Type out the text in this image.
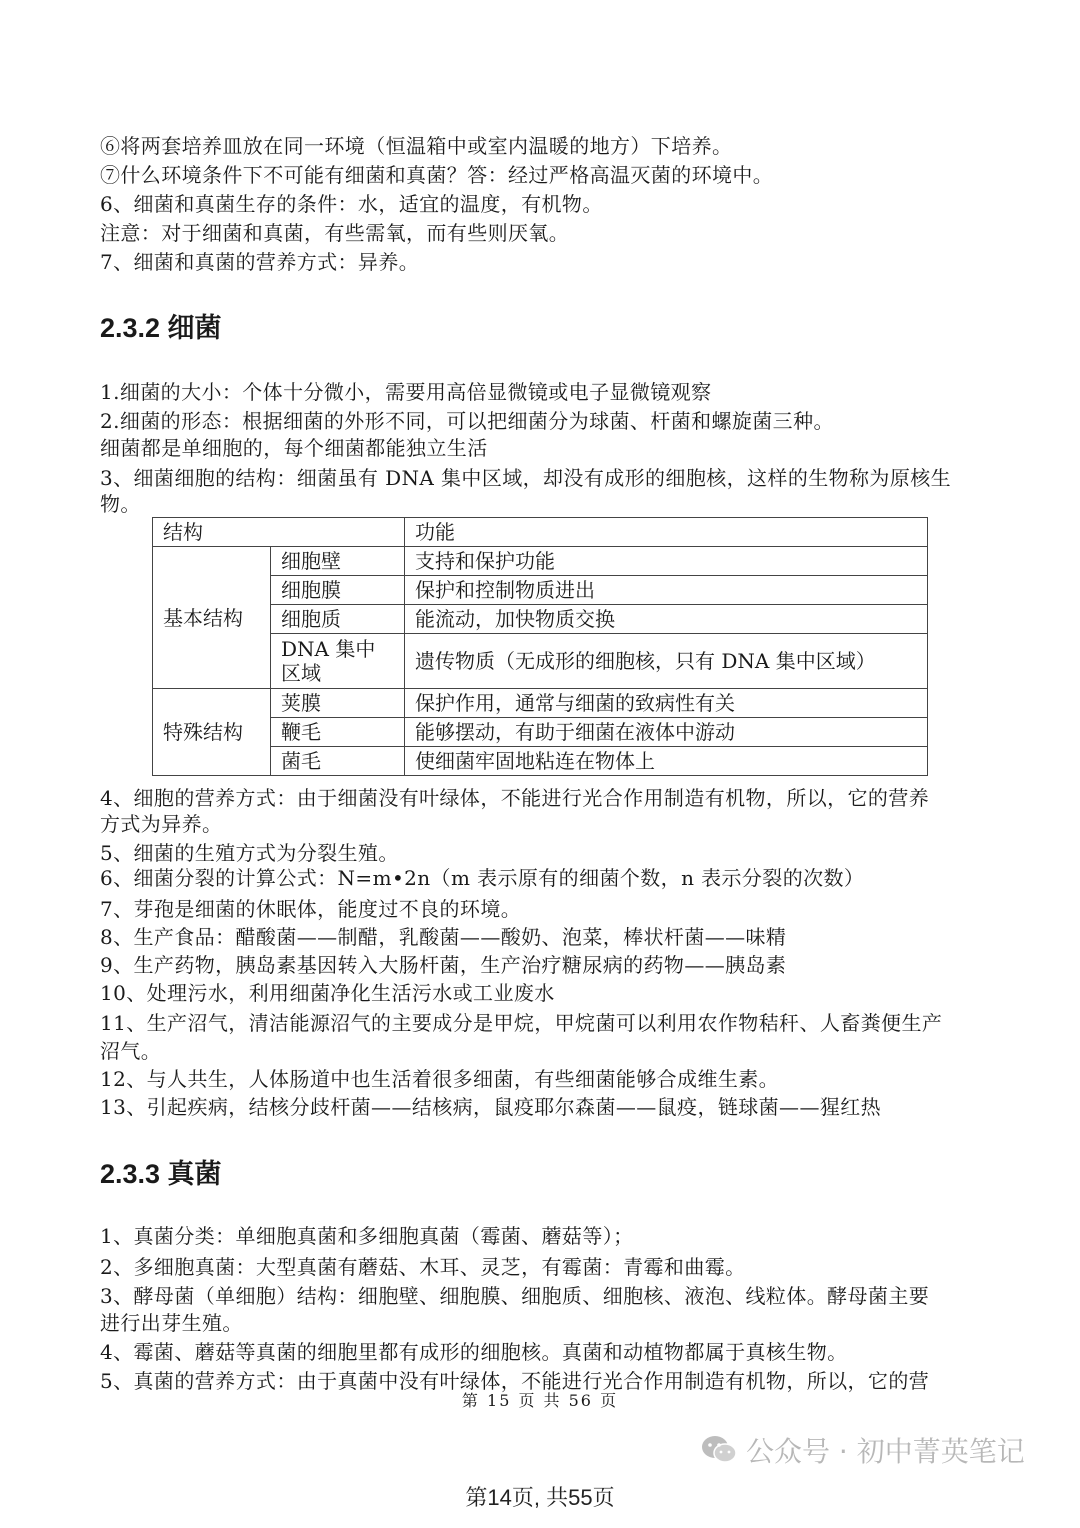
⑥将两套培养皿放在同一环境（恒温箱中或室内温暖的地方）下培养。
⑦什么环境条件下不可能有细菌和真菌？答：经过严格高温灭菌的环境中。
6、细菌和真菌生存的条件：水，适宜的温度，有机物。
注意：对于细菌和真菌，有些需氧，而有些则厌氧。
7、细菌和真菌的营养方式：异养。
2.3.2 细菌
1.细菌的大小：个体十分微小，需要用高倍显微镜或电子显微镜观察
2.细菌的形态：根据细菌的外形不同，可以把细菌分为球菌、杆菌和螺旋菌三种。
细菌都是单细胞的，每个细菌都能独立生活
3、细菌细胞的结构：细菌虽有 DNA 集中区域，却没有成形的细胞核，这样的生物称为原核生
物。
结构		功能
基本结构	细胞壁	支持和保护功能
	细胞膜	保护和控制物质进出
	细胞质	能流动，加快物质交换
	DNA 集中区域	遗传物质（无成形的细胞核，只有 DNA 集中区域）
特殊结构	荚膜	保护作用，通常与细菌的致病性有关
	鞭毛	能够摆动，有助于细菌在液体中游动
	菌毛	使细菌牢固地粘连在物体上
4、细胞的营养方式：由于细菌没有叶绿体，不能进行光合作用制造有机物，所以，它的营养
方式为异养。
5、细菌的生殖方式为分裂生殖。
6、细菌分裂的计算公式：N=m•2n（m 表示原有的细菌个数，n 表示分裂的次数）
7、芽孢是细菌的休眠体，能度过不良的环境。
8、生产食品：醋酸菌——制醋，乳酸菌——酸奶、泡菜，棒状杆菌——味精
9、生产药物，胰岛素基因转入大肠杆菌，生产治疗糖尿病的药物——胰岛素
10、处理污水，利用细菌净化生活污水或工业废水
11、生产沼气，清洁能源沼气的主要成分是甲烷，甲烷菌可以利用农作物秸秆、人畜粪便生产
沼气。
12、与人共生，人体肠道中也生活着很多细菌，有些细菌能够合成维生素。
13、引起疾病，结核分歧杆菌——结核病，鼠疫耶尔森菌——鼠疫，链球菌——猩红热
2.3.3 真菌
1、真菌分类：单细胞真菌和多细胞真菌（霉菌、蘑菇等）；
2、多细胞真菌：大型真菌有蘑菇、木耳、灵芝，有霉菌：青霉和曲霉。
3、酵母菌（单细胞）结构：细胞壁、细胞膜、细胞质、细胞核、液泡、线粒体。酵母菌主要
进行出芽生殖。
4、霉菌、蘑菇等真菌的细胞里都有成形的细胞核。真菌和动植物都属于真核生物。
5、真菌的营养方式：由于真菌中没有叶绿体，不能进行光合作用制造有机物，所以，它的营
第 15 页 共 56 页
公众号 · 初中菁英笔记
第14页, 共55页
